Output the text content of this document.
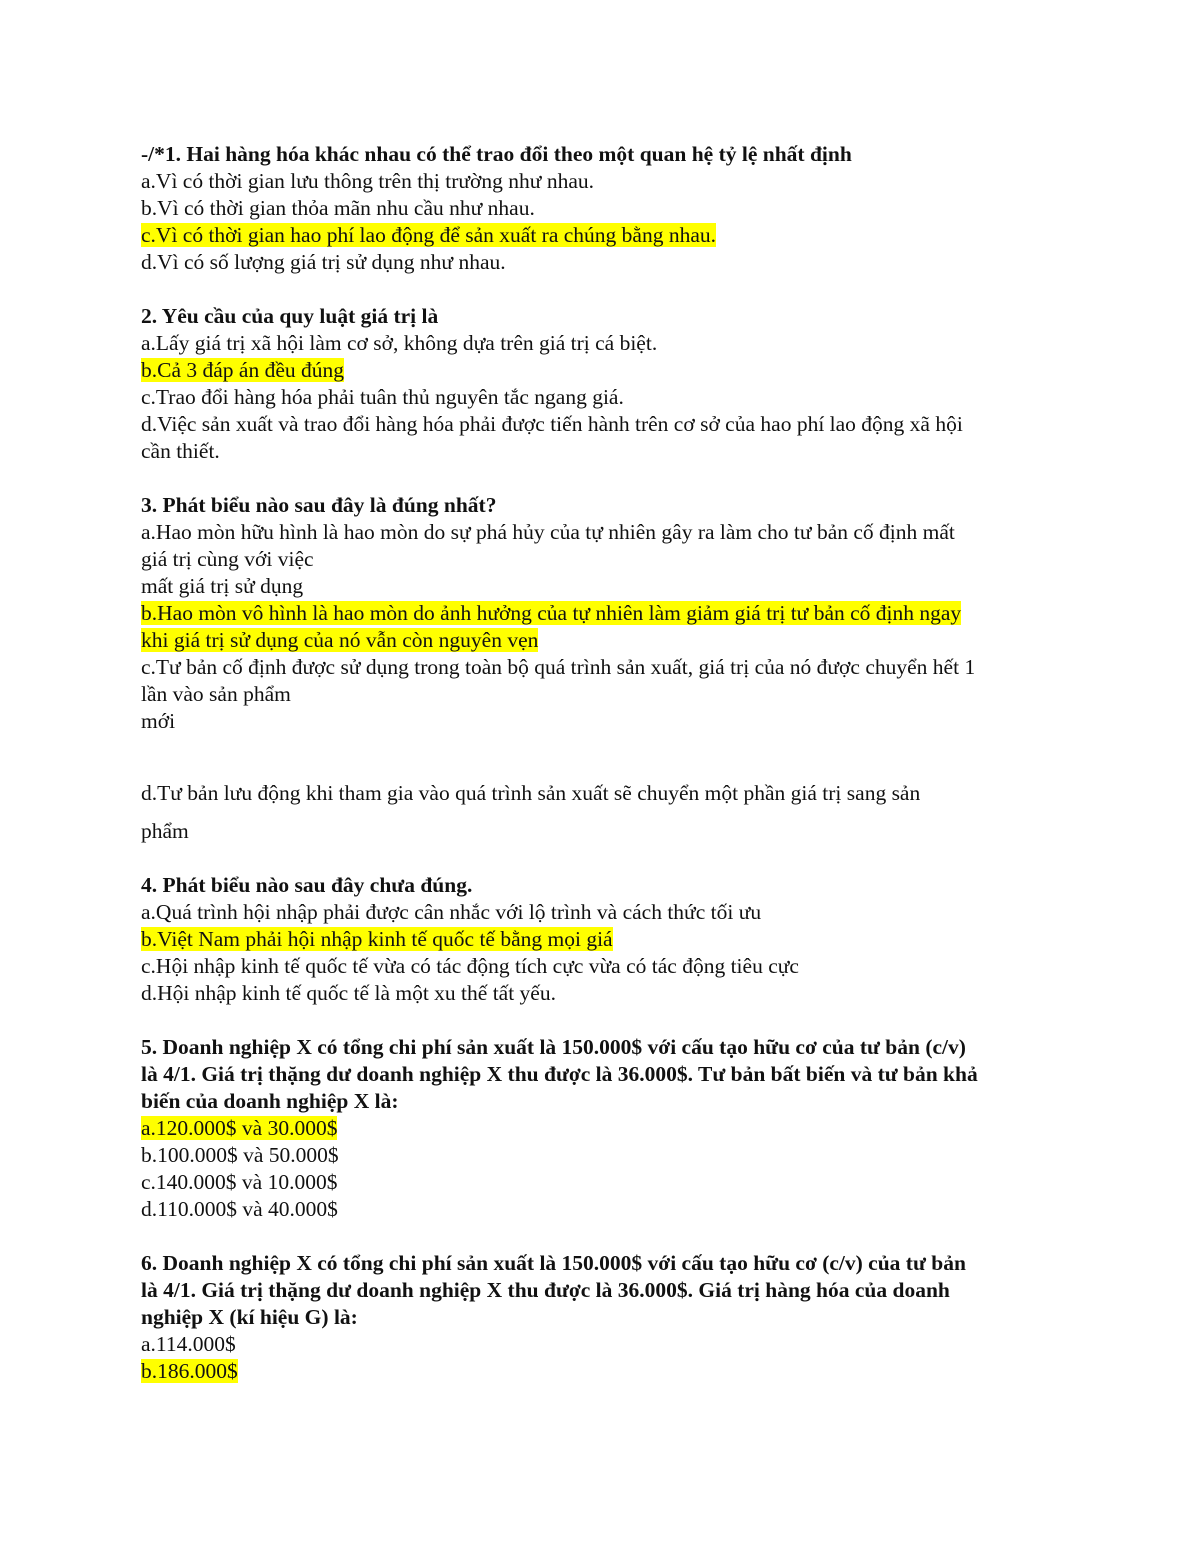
-/*1. Hai hàng hóa khác nhau có thể trao đổi theo một quan hệ tỷ lệ nhất định
a.Vì có thời gian lưu thông trên thị trường như nhau.
b.Vì có thời gian thỏa mãn nhu cầu như nhau.
c.Vì có thời gian hao phí lao động để sản xuất ra chúng bằng nhau.
d.Vì có số lượng giá trị sử dụng như nhau.
2. Yêu cầu của quy luật giá trị là
a.Lấy giá trị xã hội làm cơ sở, không dựa trên giá trị cá biệt.
b.Cả 3 đáp án đều đúng
c.Trao đổi hàng hóa phải tuân thủ nguyên tắc ngang giá.
d.Việc sản xuất và trao đổi hàng hóa phải được tiến hành trên cơ sở của hao phí lao động xã hội
cần thiết.
3. Phát biểu nào sau đây là đúng nhất?
a.Hao mòn hữu hình là hao mòn do sự phá hủy của tự nhiên gây ra làm cho tư bản cố định mất
giá trị cùng với việc
mất giá trị sử dụng
b.Hao mòn vô hình là hao mòn do ảnh hưởng của tự nhiên làm giảm giá trị tư bản cố định ngay
khi giá trị sử dụng của nó vẫn còn nguyên vẹn
c.Tư bản cố định được sử dụng trong toàn bộ quá trình sản xuất, giá trị của nó được chuyển hết 1
lần vào sản phẩm
mới
d.Tư bản lưu động khi tham gia vào quá trình sản xuất sẽ chuyển một phần giá trị sang sản
phẩm
4. Phát biểu nào sau đây chưa đúng.
a.Quá trình hội nhập phải được cân nhắc với lộ trình và cách thức tối ưu
b.Việt Nam phải hội nhập kinh tế quốc tế bằng mọi giá
c.Hội nhập kinh tế quốc tế vừa có tác động tích cực vừa có tác động tiêu cực
d.Hội nhập kinh tế quốc tế là một xu thế tất yếu.
5. Doanh nghiệp X có tổng chi phí sản xuất là 150.000$ với cấu tạo hữu cơ của tư bản (c/v)
là 4/1. Giá trị thặng dư doanh nghiệp X thu được là 36.000$. Tư bản bất biến và tư bản khả
biến của doanh nghiệp X là:
a.120.000$ và 30.000$
b.100.000$ và 50.000$
c.140.000$ và 10.000$
d.110.000$ và 40.000$
6. Doanh nghiệp X có tổng chi phí sản xuất là 150.000$ với cấu tạo hữu cơ (c/v) của tư bản
là 4/1. Giá trị thặng dư doanh nghiệp X thu được là 36.000$. Giá trị hàng hóa của doanh
nghiệp X (kí hiệu G) là:
a.114.000$
b.186.000$
